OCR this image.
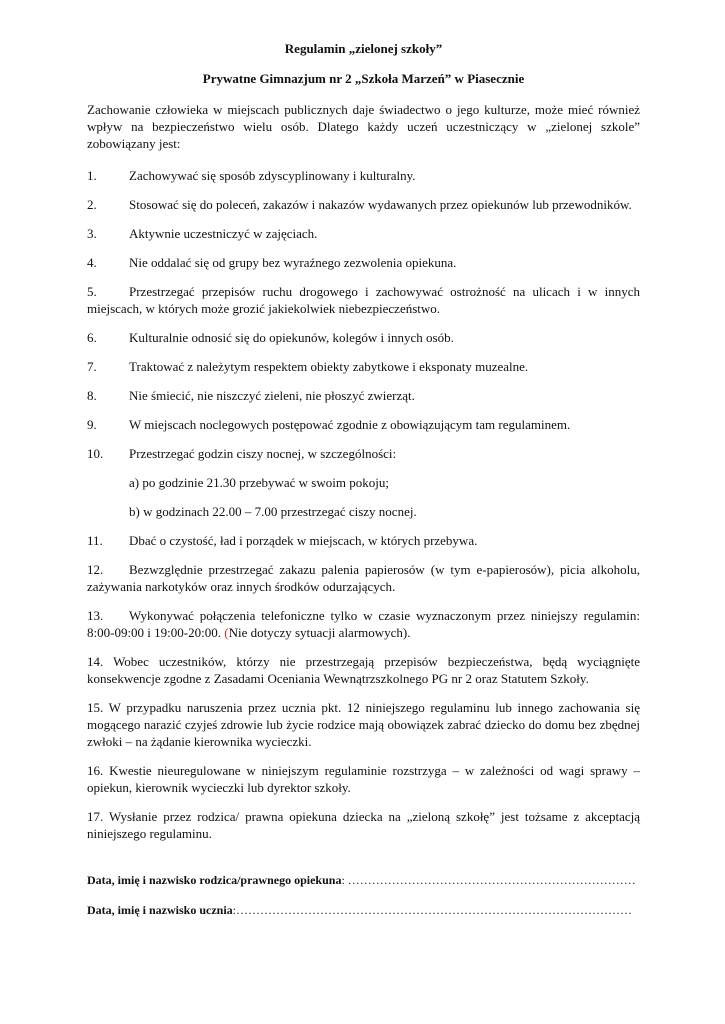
Regulamin „zielonej szkoły”
Prywatne Gimnazjum nr 2 „Szkoła Marzeń” w Piasecznie

Zachowanie człowieka w miejscach publicznych daje świadectwo o jego kulturze, może mieć również wpływ na bezpieczeństwo wielu osób. Dlatego każdy uczeń uczestniczący w „zielonej szkole” zobowiązany jest:

1. Zachowywać się sposób zdyscyplinowany i kulturalny.
2. Stosować się do poleceń, zakazów i nakazów wydawanych przez opiekunów lub przewodników.
3. Aktywnie uczestniczyć w zajęciach.
4. Nie oddalać się od grupy bez wyraźnego zezwolenia opiekuna.
5. Przestrzegać przepisów ruchu drogowego i zachowywać ostrożność na ulicach i w innych miejscach, w których może grozić jakiekolwiek niebezpieczeństwo.
6. Kulturalnie odnosić się do opiekunów, kolegów i innych osób.
7. Traktować z należytym respektem obiekty zabytkowe i eksponaty muzealne.
8. Nie śmiecić, nie niszczyć zieleni, nie płoszyć zwierząt.
9. W miejscach noclegowych postępować zgodnie z obowiązującym tam regulaminem.
10. Przestrzegać godzin ciszy nocnej, w szczególności:
a) po godzinie 21.30 przebywać w swoim pokoju;
b) w godzinach 22.00 – 7.00 przestrzegać ciszy nocnej.
11. Dbać o czystość, ład i porządek w miejscach, w których przebywa.
12. Bezwzględnie przestrzegać zakazu palenia papierosów (w tym e-papierosów), picia alkoholu, zażywania narkotyków oraz innych środków odurzających.
13. Wykonywać połączenia telefoniczne tylko w czasie wyznaczonym przez niniejszy regulamin: 8:00-09:00 i 19:00-20:00. (Nie dotyczy sytuacji alarmowych).

14. Wobec uczestników, którzy nie przestrzegają przepisów bezpieczeństwa, będą wyciągnięte konsekwencje zgodne z Zasadami Oceniania Wewnątrzszkolnego PG nr 2 oraz Statutem Szkoły.

15. W przypadku naruszenia przez ucznia pkt. 12 niniejszego regulaminu lub innego zachowania się mogącego narazić czyjeś zdrowie lub życie rodzice mają obowiązek zabrać dziecko do domu bez zbędnej zwłoki – na żądanie kierownika wycieczki.

16. Kwestie nieuregulowane w niniejszym regulaminie rozstrzyga – w zależności od wagi sprawy – opiekun, kierownik wycieczki lub dyrektor szkoły.

17. Wysłanie przez rodzica/ prawna opiekuna dziecka na „zieloną szkołę” jest tożsame z akceptacją niniejszego regulaminu.

Data, imię i nazwisko rodzica/prawnego opiekuna: ………………………………………………………………
Data, imię i nazwisko ucznia:………………………………………………………………………………………
